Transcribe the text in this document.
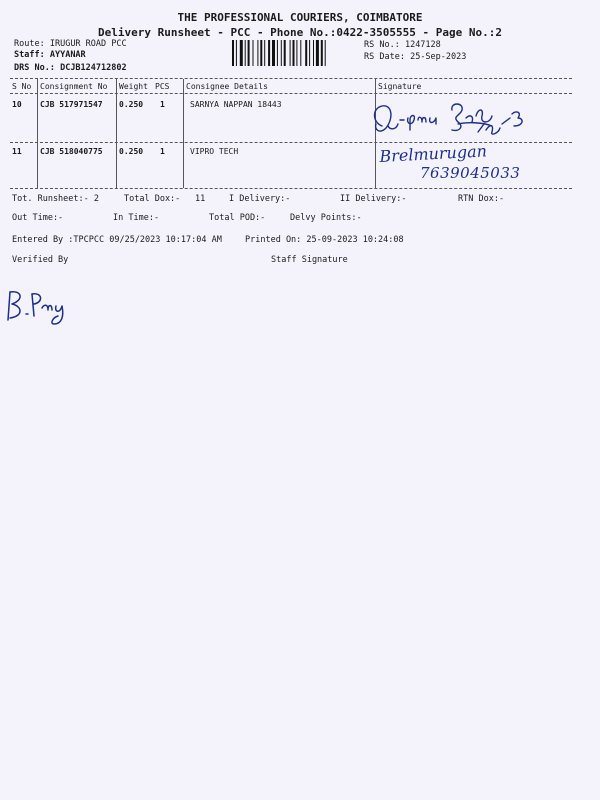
THE PROFESSIONAL COURIERS, COIMBATORE
Delivery Runsheet - PCC - Phone No.:0422-3505555 - Page No.:2
Route: IRUGUR ROAD PCC
Staff: AYYANAR
DRS No.: DCJB124712802
RS No.: 1247128
RS Date: 25-Sep-2023
S No Consignment No Weight PCS Consignee Details	Signature
10 CJB 517971547 0.250 1	SARNYA NAPPAN 18443
11 CJB 518040775 0.250 1	VIPRO TECH	Brelmurugan
7639045033
Tot. Runsheet:- 2	Total Dox:- 11	I Delivery:-	II Delivery:-	RTN Dox:-
Out Time:-	In Time:-	Total POD:-	Delvy Points:-
Entered By :TPCPCC 09/25/2023 10:17:04 AM	Printed On: 25-09-2023 10:24:08
Verified By	Staff Signature
